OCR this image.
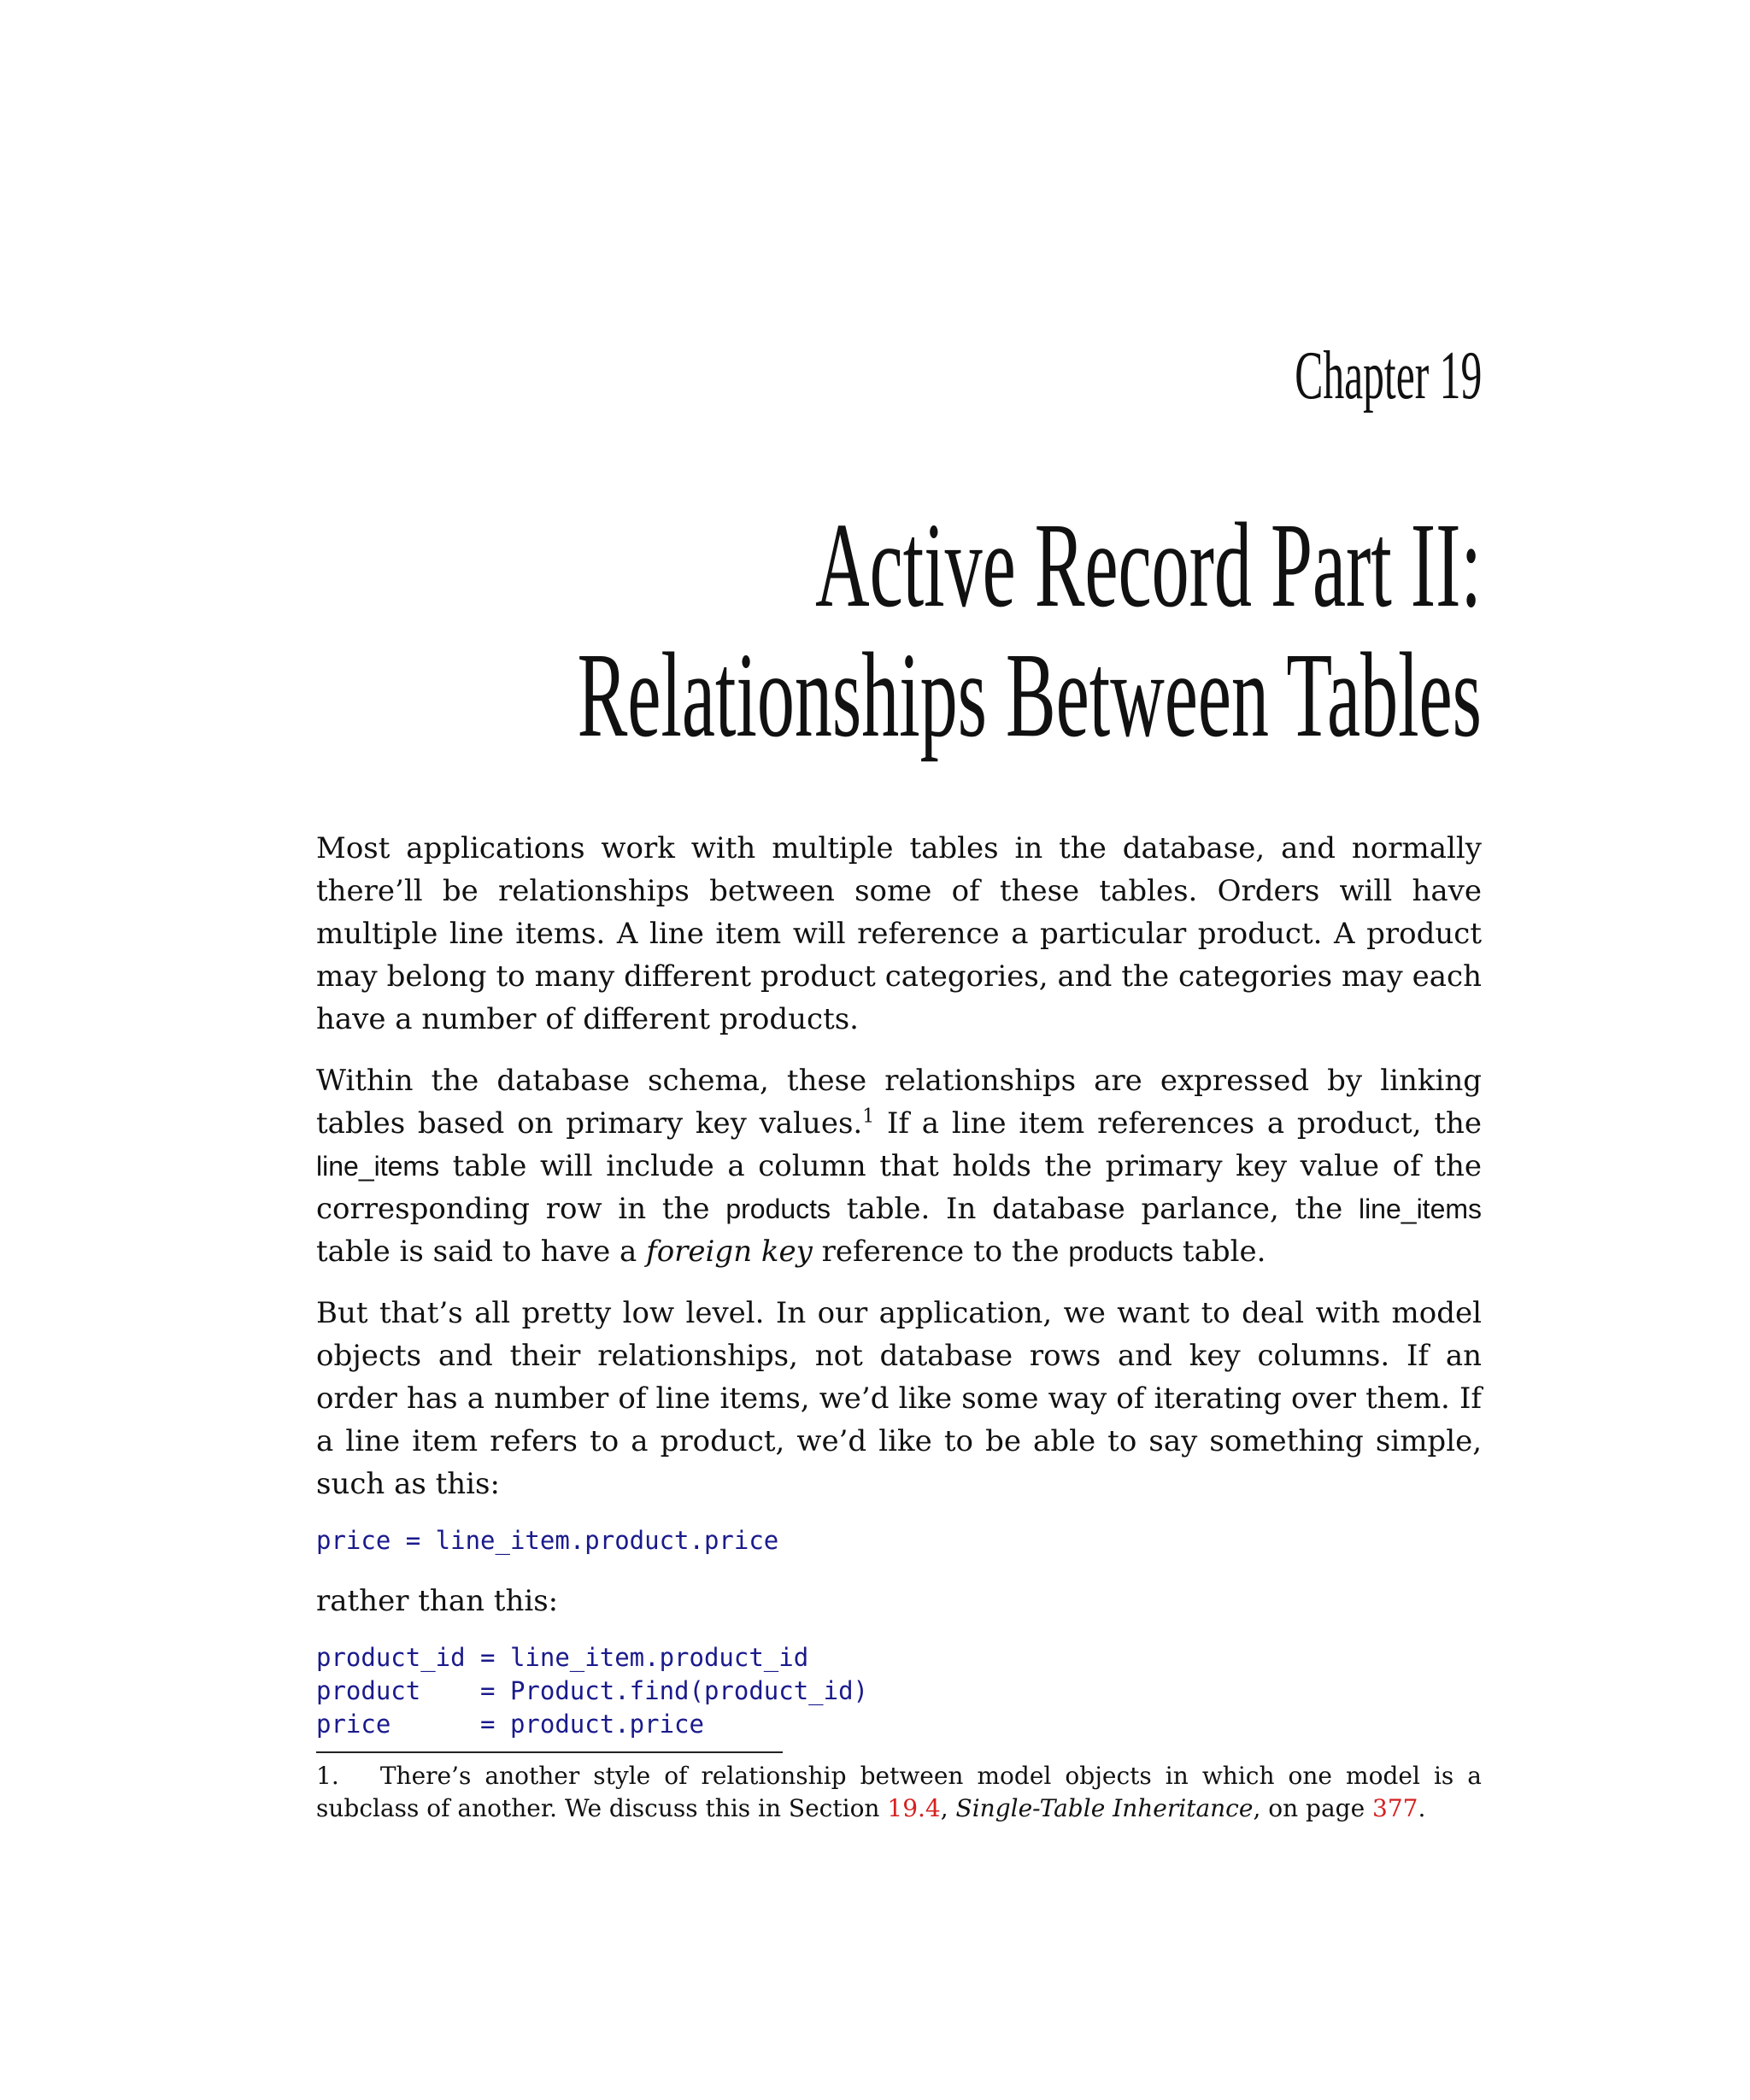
Chapter 19
Active Record Part II:
Relationships Between Tables

Most applications work with multiple tables in the database, and normally there’ll be relationships between some of these tables. Orders will have multiple line items. A line item will reference a particular product. A product may belong to many different product categories, and the categories may each have a number of different products.

Within the database schema, these relationships are expressed by linking tables based on primary key values.$^1$ If a line item references a product, the line_items table will include a column that holds the primary key value of the corresponding row in the products table. In database parlance, the line_items table is said to have a foreign key reference to the products table.

But that’s all pretty low level. In our application, we want to deal with model objects and their relationships, not database rows and key columns. If an order has a number of line items, we’d like some way of iterating over them. If a line item refers to a product, we’d like to be able to say something simple, such as this:

price = line_item.product.price

rather than this:

product_id = line_item.product_id
product    = Product.find(product_id)
price      = product.price
1. There’s another style of relationship between model objects in which one model is a subclass of another. We discuss this in Section 19.4, Single-Table Inheritance, on page 377.
